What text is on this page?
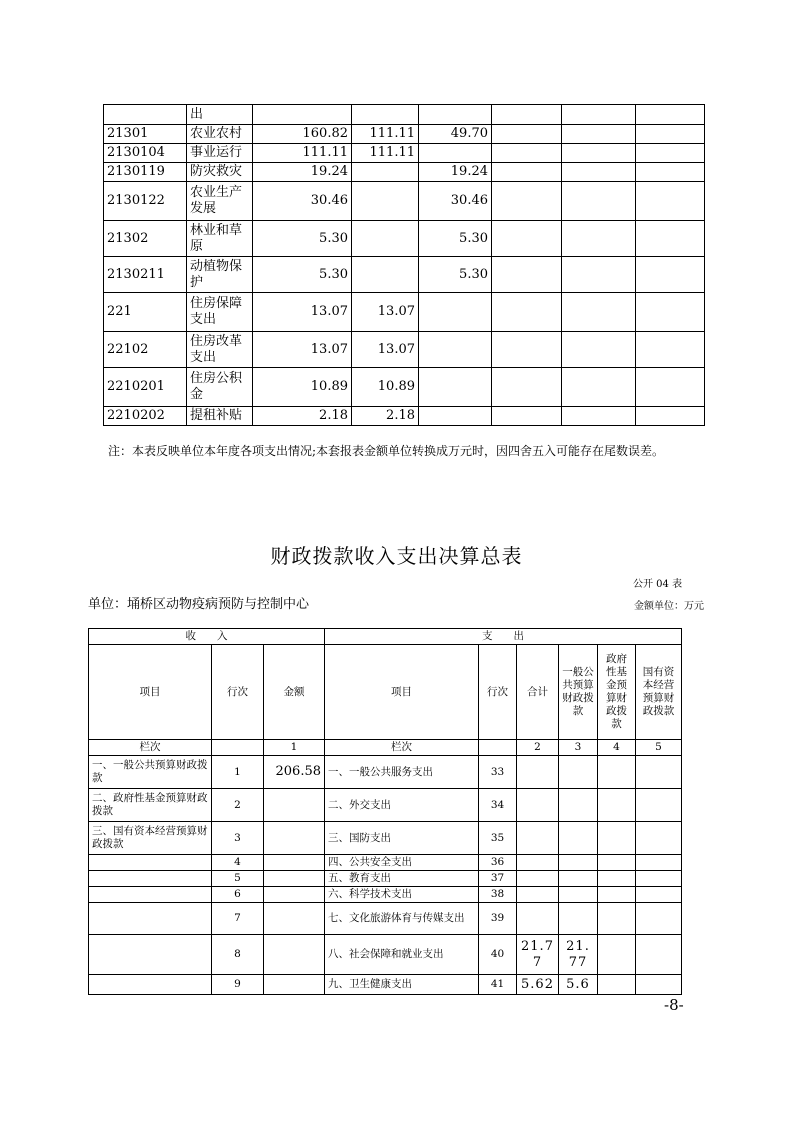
	出						
21301	农业农村	160.82	111.11	49.70			
2130104	事业运行	111.11	111.11				
2130119	防灾救灾	19.24		19.24			
2130122	农业生产发展	30.46		30.46			
21302	林业和草原	5.30		5.30			
2130211	动植物保护	5.30		5.30			
221	住房保障支出	13.07	13.07				
22102	住房改革支出	13.07	13.07				
2210201	住房公积金	10.89	10.89				
2210202	提租补贴	2.18	2.18				
注：本表反映单位本年度各项支出情况;本套报表金额单位转换成万元时，因四舍五入可能存在尾数误差。
财政拨款收入支出决算总表
公开 04 表
单位：埇桥区动物疫病预防与控制中心	金额单位：万元
收　　入			支　　出					
项目	行次	金额	项目	行次	合计	一般公共预算财政拨款	政府性基金预算财政拨款	国有资本经营预算财政拨款
栏次		1	栏次		2	3	4	5
一、一般公共预算财政拨款	1	206.58	一、一般公共服务支出	33				
二、政府性基金预算财政拨款	2		二、外交支出	34				
三、国有资本经营预算财政拨款	3		三、国防支出	35				
	4		四、公共安全支出	36				
	5		五、教育支出	37				
	6		六、科学技术支出	38				
	7		七、文化旅游体育与传媒支出	39				
	8		八、社会保障和就业支出	40	21.77	21.77		
	9		九、卫生健康支出	41	5.62	5.6		
-8-
